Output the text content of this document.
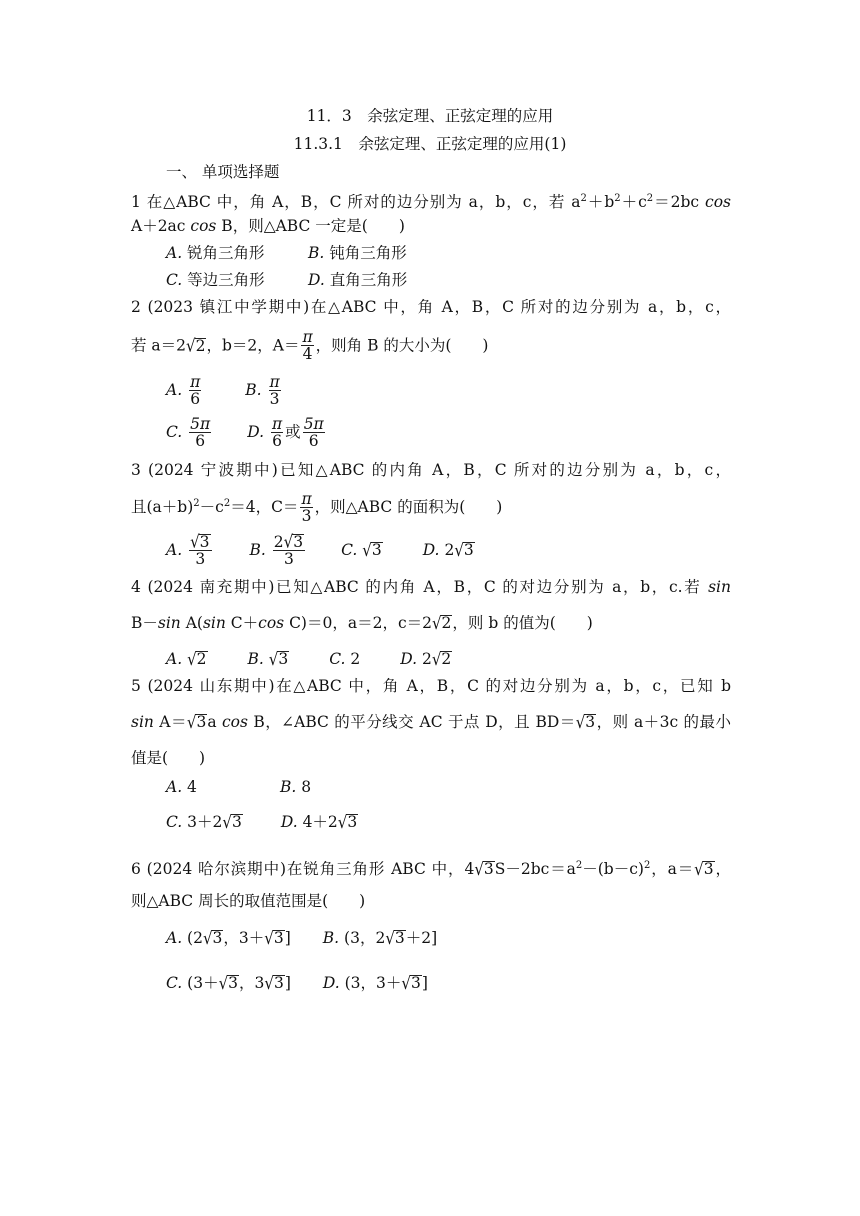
11．3　余弦定理、正弦定理的应用
11.3.1　余弦定理、正弦定理的应用(1)
一、 单项选择题
1 在△ABC 中，角 A，B，C 所对的边分别为 a，b，c，若 $a^2+b^2+c^2=2bc$ cos
A＋2ac cos B，则△ABC 一定是(　　)
A. 锐角三角形	B. 钝角三角形
C. 等边三角形	D. 直角三角形
2 (2023 镇江中学期中)在△ABC 中，角 A，B，C 所对的边分别为 a，b，c，
若 a＝2√2，b＝2，$A= \frac{\pi}{4}$ ，则角 B 的大小为(　　)
A. $\frac{\pi}{6}$	B. $\frac{\pi}{3}$
C. $\frac{5\pi}{6} D$. $\frac{\pi}{6}$ 或 $\frac{5\pi}{6}$
3 (2024 宁波期中)已知△ABC 的内角 A，B，C 所对的边分别为 a，b，c，
且$(a+b)^2-c^2=4$，$C= \frac{\pi}{3}$ ，则△ABC 的面积为(　　)
A. $\frac{√3}{3} B$. $\frac{2√3}{3} C$. √3	D. 2√3
4 (2024 南充期中)已知△ABC 的内角 A，B，C 的对边分别为 a，b，c.若 sin
B－sin A(sin C＋cos C)＝0，a＝2，c＝2√2，则 b 的值为(　　)
A. √2	B. √3	C. 2	D. 2√2
5 (2024 山东期中)在△ABC 中，角 A，B，C 的对边分别为 a，b，c，已知 b
sin A＝√3a cos B，∠ABC 的平分线交 AC 于点 D，且 BD＝√3，则 a＋3c 的最小
值是(　　)
A. 4	B. 8
C. 3＋2√3	D. 4＋2√3
6 (2024 哈尔滨期中)在锐角三角形 ABC 中，$4√3S-2bc=a^2-(b-c)^2$，a＝√3，
则△ABC 周长的取值范围是(　　)
A. (2√3，3＋√3] B. (3，2√3＋2]
C. (3＋√3，3√3] D. (3，3＋√3]
